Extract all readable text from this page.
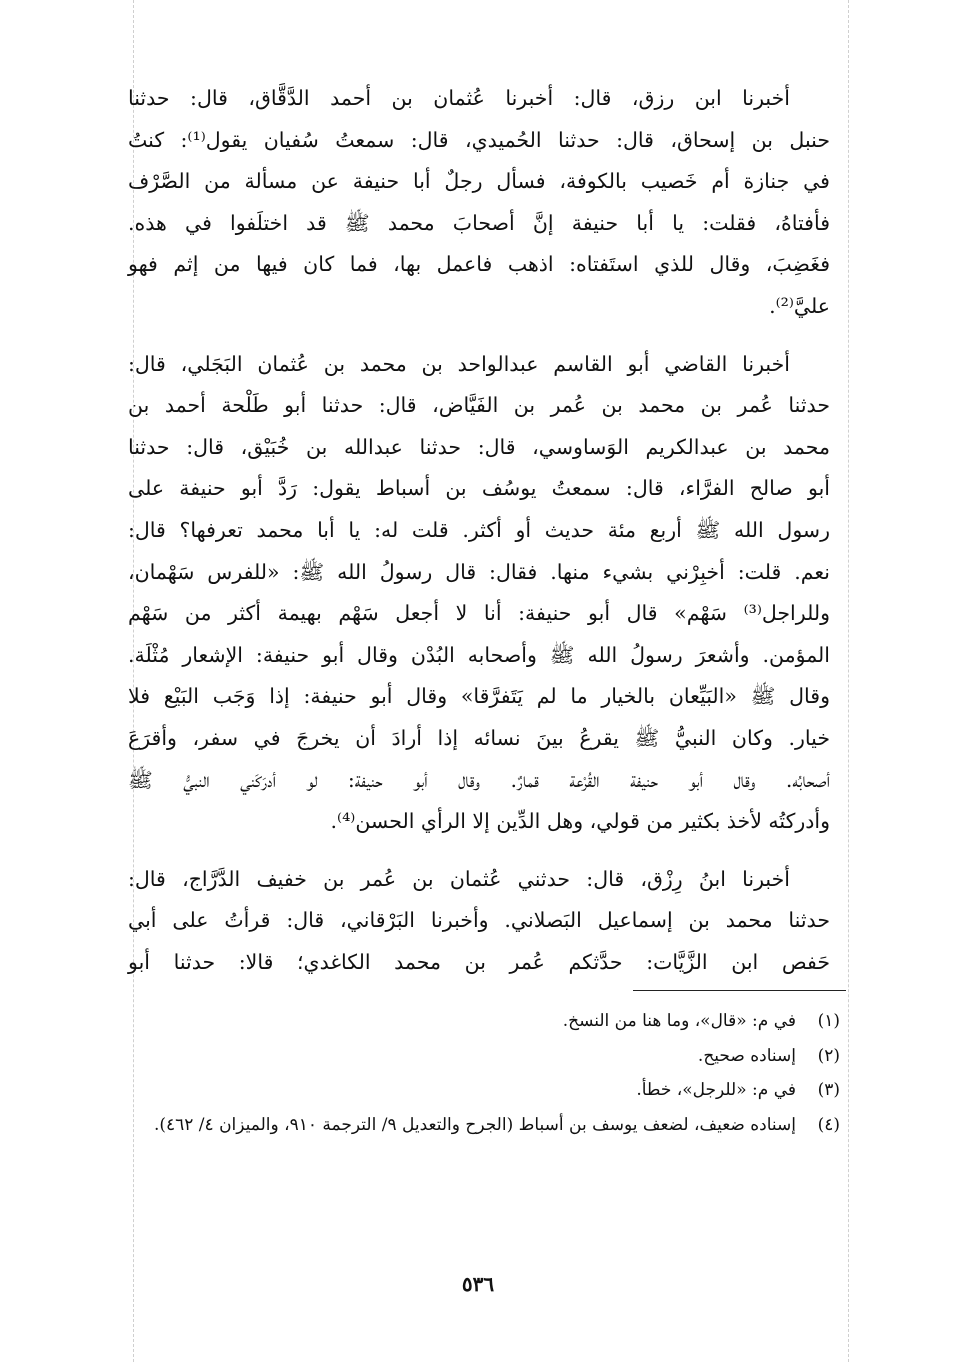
أخبرنا ابن رزق، قال: أخبرنا عُثمان بن أحمد الدَّقَّاق، قال: حدثنا
حنبل بن إسحاق، قال: حدثنا الحُميدي، قال: سمعتُ سُفيان يقول⁽¹⁾: كنتُ
في جنازة أم خَصيب بالكوفة، فسأل رجلٌ أبا حنيفة عن مسألة من الصَّرْف
فأفتاهُ، فقلت: يا أبا حنيفة إنَّ أصحابَ محمد ﷺ قد اختلَفوا في هذه.
فغَضِبَ، وقال للذي استَفتاه: اذهب فاعمل بها، فما كان فيها من إثم فهو
عليَّ⁽²⁾.

أخبرنا القاضي أبو القاسم عبدالواحد بن محمد بن عُثمان البَجَلي، قال:
حدثنا عُمر بن محمد بن عُمر بن الفَيَّاض، قال: حدثنا أبو طَلْحة أحمد بن
محمد بن عبدالكريم الوَساوسي، قال: حدثنا عبدالله بن خُبَيْق، قال: حدثنا
أبو صالح الفرَّاء، قال: سمعتُ يوسُف بن أسباط يقول: رَدَّ أبو حنيفة على
رسول الله ﷺ أربع مئة حديث أو أكثر. قلت له: يا أبا محمد تعرفها؟ قال:
نعم. قلت: أخبِرْني بشيء منها. فقال: قال رسولُ الله ﷺ: «للفرس سَهْمان،
وللراجل⁽³⁾ سَهْم» قال أبو حنيفة: أنا لا أجعل سَهْم بهيمة أكثر من سَهْم
المؤمن. وأشعرَ رسولُ الله ﷺ وأصحابه البُدْن وقال أبو حنيفة: الإشعار مُثْلَة.
وقال ﷺ «البَيِّعان بالخيار ما لم يَتَفرَّقا» وقال أبو حنيفة: إذا وَجَب البَيْع فلا
خيار. وكان النبيُّ ﷺ يقرعُ بينَ نسائه إذا أرادَ أن يخرجَ في سفر، وأقرَعَ
أصحابُه. وقال أبو حنيفة القُرْعة قمارٌ. وقال أبو حنيفة: لو أدرَكَني النبيُّ ﷺ
وأدركتُه لأخذ بكثير من قولي، وهل الدِّين إلا الرأي الحسن⁽⁴⁾.

أخبرنا ابنُ رِزْق، قال: حدثني عُثمان بن عُمر بن خفيف الدَّرَّاج، قال:
حدثنا محمد بن إسماعيل البَصلاني. وأخبرنا البَرْقاني، قال: قرأتُ على أبي
حَفص ابن الزَّيَّات: حدَّثكم عُمر بن محمد الكاغدي؛ قالا: حدثنا أبو

(١)
في م: «قال»، وما هنا من النسخ.
(٢)
إسناده صحيح.
(٣)
في م: «للرجل»، خطأ.
(٤)
إسناده ضعيف، لضعف يوسف بن أسباط (الجرح والتعديل ٩/ الترجمة ٩١٠، والميزان ٤/ ٤٦٢).
٥٣٦
